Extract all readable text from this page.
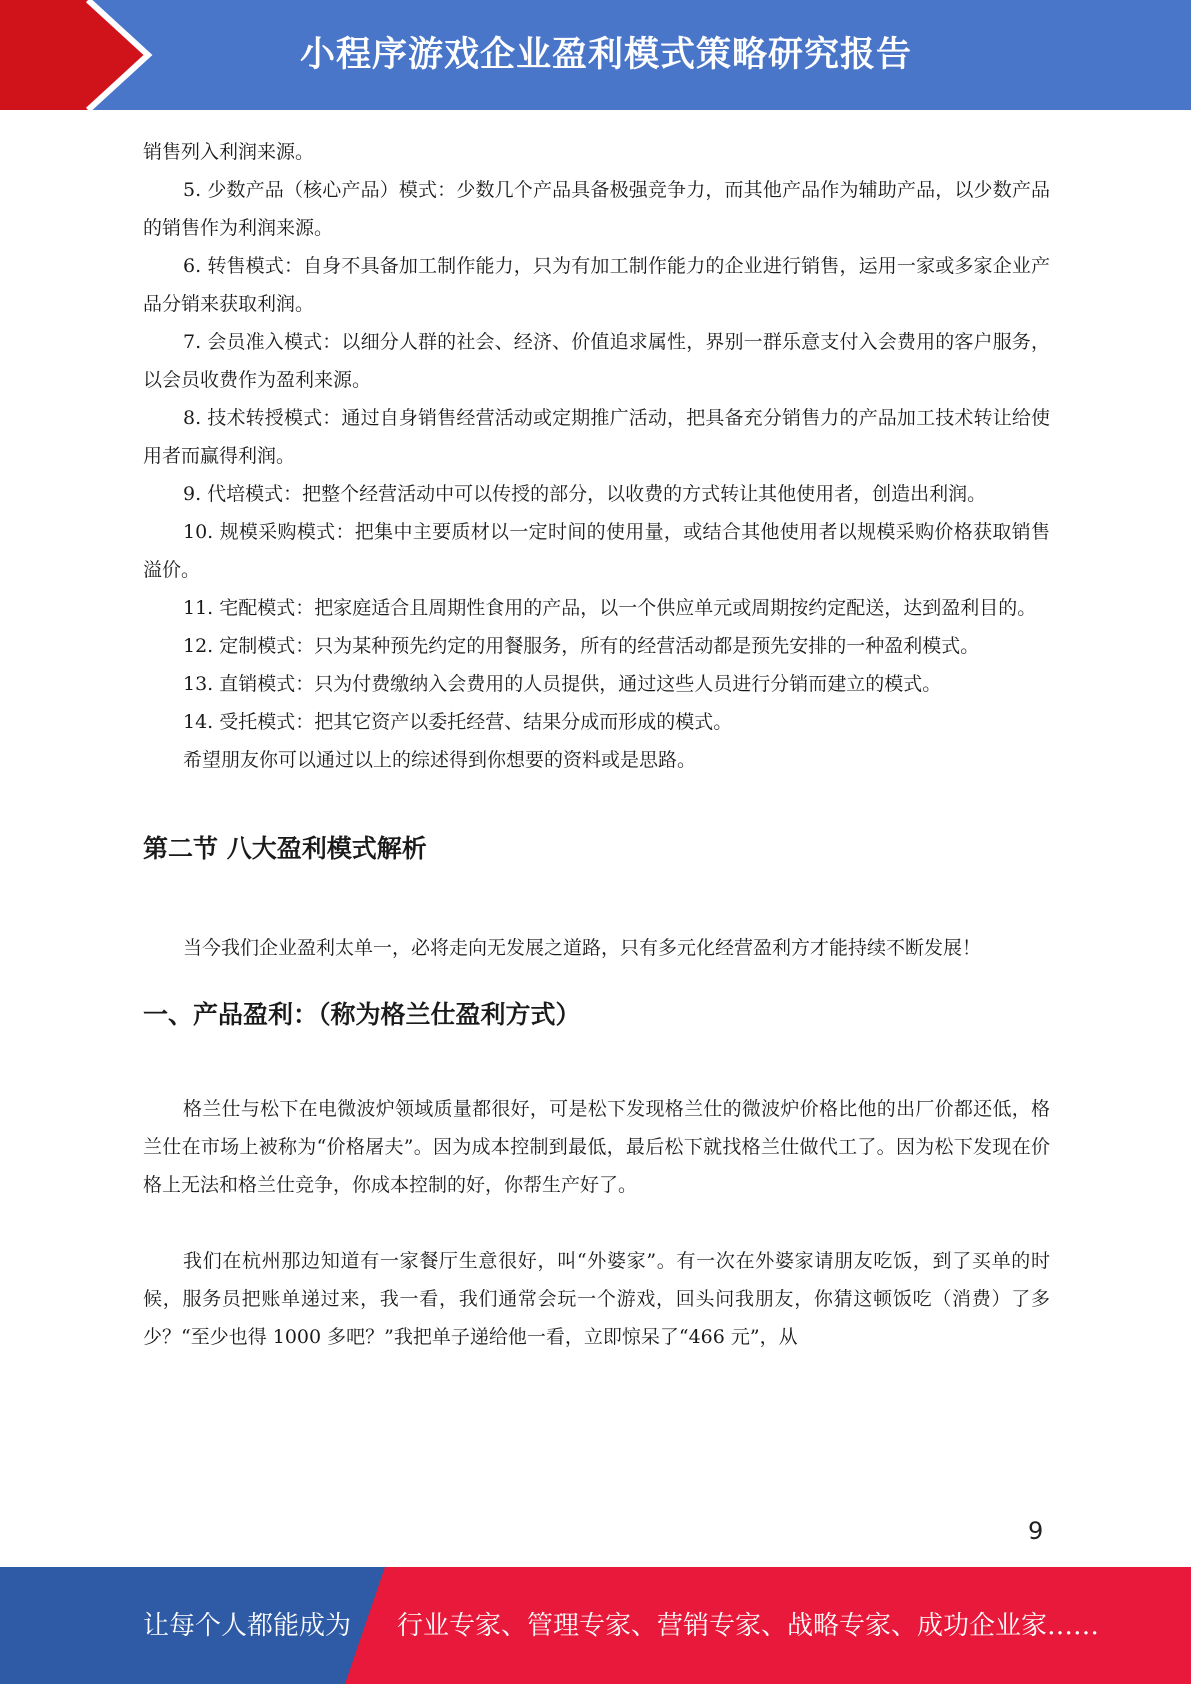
小程序游戏企业盈利模式策略研究报告

销售列入利润来源。

5. 少数产品（核心产品）模式：少数几个产品具备极强竞争力，而其他产品作为辅助产品，以少数产品的销售作为利润来源。

6. 转售模式：自身不具备加工制作能力，只为有加工制作能力的企业进行销售，运用一家或多家企业产品分销来获取利润。

7. 会员准入模式：以细分人群的社会、经济、价值追求属性，界别一群乐意支付入会费用的客户服务，以会员收费作为盈利来源。

8. 技术转授模式：通过自身销售经营活动或定期推广活动，把具备充分销售力的产品加工技术转让给使用者而赢得利润。

9. 代培模式：把整个经营活动中可以传授的部分，以收费的方式转让其他使用者，创造出利润。

10. 规模采购模式：把集中主要质材以一定时间的使用量，或结合其他使用者以规模采购价格获取销售溢价。

11. 宅配模式：把家庭适合且周期性食用的产品，以一个供应单元或周期按约定配送，达到盈利目的。

12. 定制模式：只为某种预先约定的用餐服务，所有的经营活动都是预先安排的一种盈利模式。

13. 直销模式：只为付费缴纳入会费用的人员提供，通过这些人员进行分销而建立的模式。

14. 受托模式：把其它资产以委托经营、结果分成而形成的模式。

希望朋友你可以通过以上的综述得到你想要的资料或是思路。

第二节 八大盈利模式解析

当今我们企业盈利太单一，必将走向无发展之道路，只有多元化经营盈利方才能持续不断发展！

一、产品盈利：（称为格兰仕盈利方式）

格兰仕与松下在电微波炉领域质量都很好，可是松下发现格兰仕的微波炉价格比他的出厂价都还低，格兰仕在市场上被称为“价格屠夫”。因为成本控制到最低，最后松下就找格兰仕做代工了。因为松下发现在价格上无法和格兰仕竞争，你成本控制的好，你帮生产好了。

我们在杭州那边知道有一家餐厅生意很好，叫“外婆家”。有一次在外婆家请朋友吃饭，到了买单的时候，服务员把账单递过来，我一看，我们通常会玩一个游戏，回头问我朋友，你猜这顿饭吃（消费）了多少？“至少也得 1000 多吧？”我把单子递给他一看，立即惊呆了“466 元”，从

9
让每个人都能成为 行业专家、管理专家、营销专家、战略专家、成功企业家……
